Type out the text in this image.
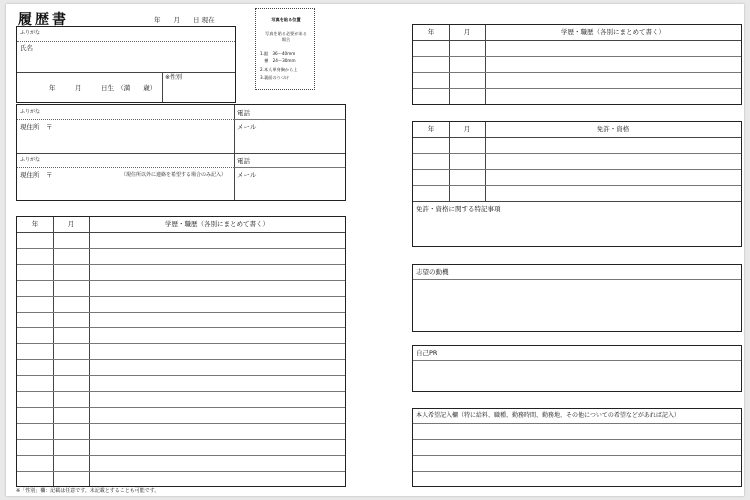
履歴書	年　　月　　日 現在	写真を貼る位置
写真を貼る必要がある
場合
1.縦　36〜40mm
　横　24〜30mm
2.本人単身胸から上
3.裏面のりづけ
ふりがな
氏名
年　　　月　　　日生　（満　　歳）
※性別
ふりがな	電話
現住所　〒	メール
ふりがな	電話
現住所　〒	（現住所以外に連絡を希望する場合のみ記入） メール
年	月	学歴・職歴（各別にまとめて書く）
※「性別」欄：記載は任意です。未記載とすることも可能です。
年	月	学歴・職歴（各別にまとめて書く）
年	月	免許・資格
免許・資格に関する特記事項
志望の動機
自己PR
本人希望記入欄（特に給料、職種、勤務時間、勤務地、その他についての希望などがあれば記入）
